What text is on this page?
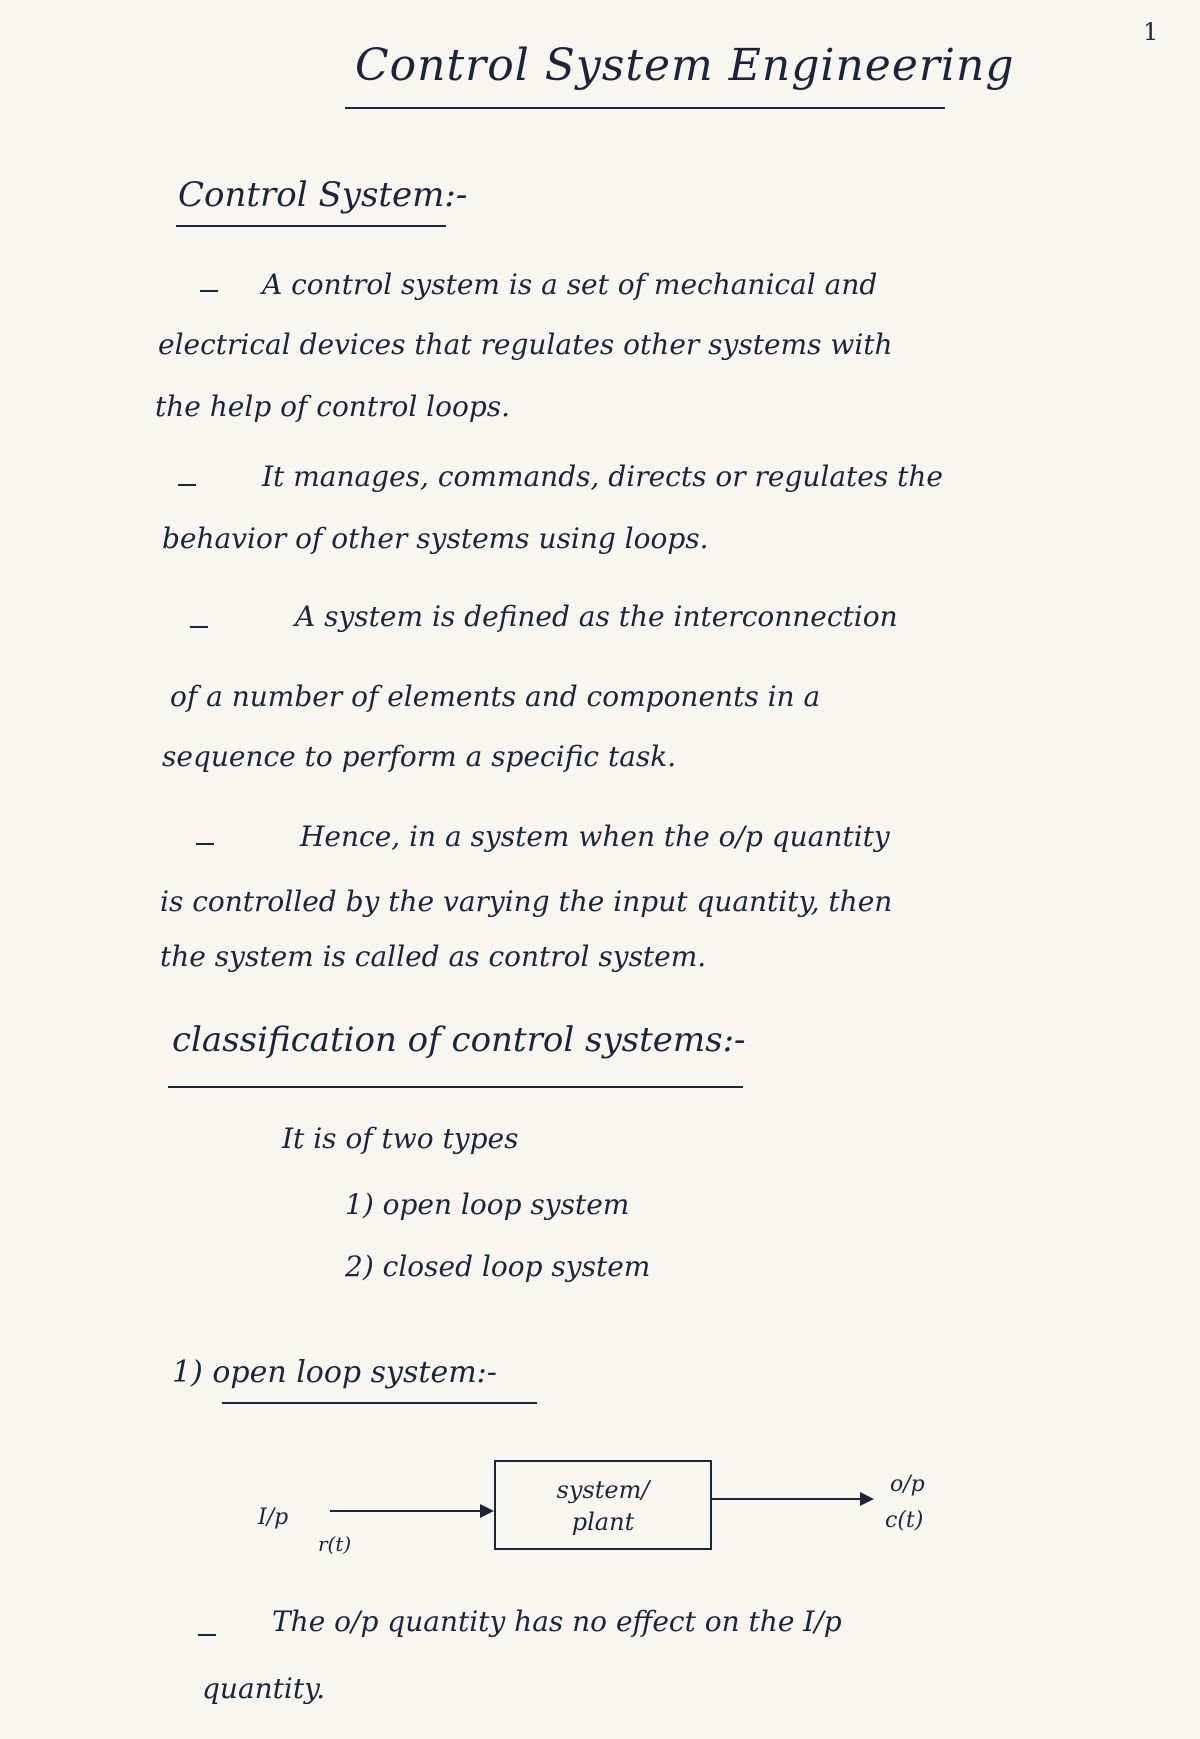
1
Control System Engineering
Control System:-
A control system is a set of mechanical and
electrical devices that regulates other systems with
the help of control loops.
It manages, commands, directs or regulates the
behavior of other systems using loops.
A system is defined as the interconnection
of a number of elements and components in a
sequence to perform a specific task.
Hence, in a system when the o/p quantity
is controlled by the varying the input quantity, then
the system is called as control system.
classification of control systems:-
It is of two types
1) open loop system
2) closed loop system
1) open loop system:-
I/p
r(t)
system/
plant
o/p
c(t)
The o/p quantity has no effect on the I/p
quantity.
